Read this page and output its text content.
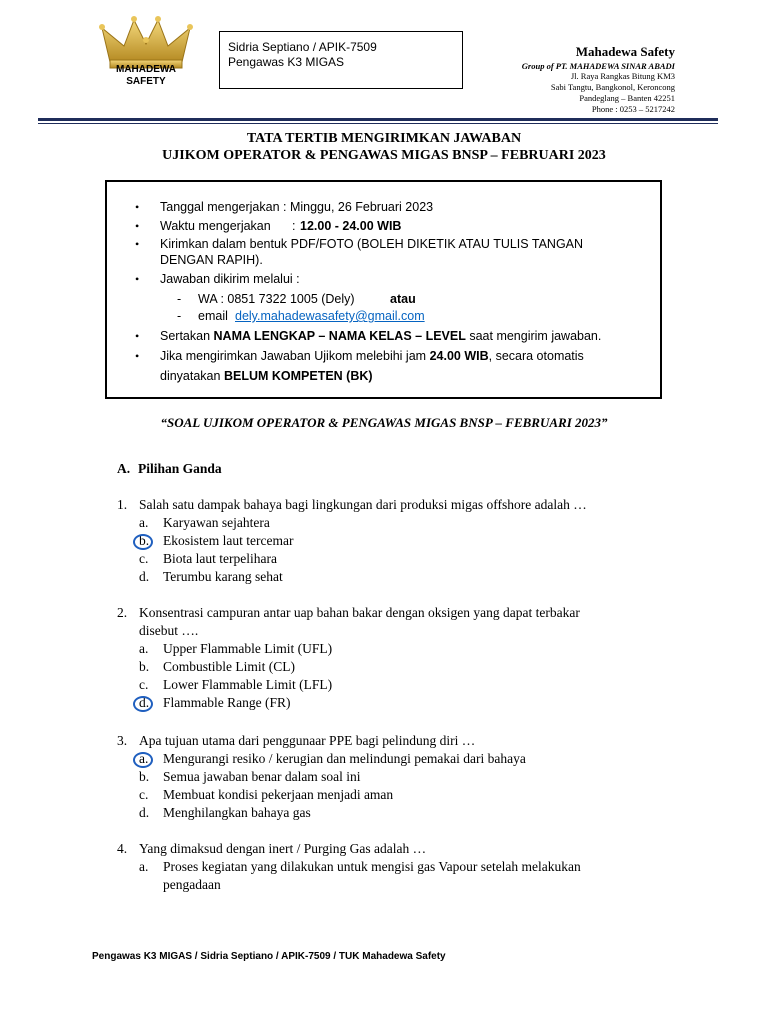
MAHADEWA
SAFETY
Sidria Septiano / APIK-7509
Pengawas K3 MIGAS
Mahadewa Safety
Group of PT. MAHADEWA SINAR ABADI
Jl. Raya Rangkas Bitung KM3
Sabi Tangtu, Bangkonol, Keroncong
Pandeglang – Banten 42251
Phone : 0253 – 5217242
TATA TERTIB MENGIRIMKAN JAWABAN
UJIKOM OPERATOR & PENGAWAS MIGAS BNSP – FEBRUARI 2023
• Tanggal mengerjakan : Minggu, 26 Februari 2023
• Waktu mengerjakan : 12.00 - 24.00 WIB
• Kirimkan dalam bentuk PDF/FOTO (BOLEH DIKETIK ATAU TULIS TANGAN
DENGAN RAPIH).
• Jawaban dikirim melalui :
- WA : 0851 7322 1005 (Dely)	atau
- email dely.mahadewasafety@gmail.com
• Sertakan NAMA LENGKAP – NAMA KELAS – LEVEL saat mengirim jawaban.
• Jika mengirimkan Jawaban Ujikom melebihi jam 24.00 WIB, secara otomatis
dinyatakan BELUM KOMPETEN (BK)
“SOAL UJIKOM OPERATOR & PENGAWAS MIGAS BNSP – FEBRUARI 2023”
A. Pilihan Ganda
1. Salah satu dampak bahaya bagi lingkungan dari produksi migas offshore adalah …
a. Karyawan sejahtera
b. Ekosistem laut tercemar
c. Biota laut terpelihara
d. Terumbu karang sehat
2. Konsentrasi campuran antar uap bahan bakar dengan oksigen yang dapat terbakar
disebut ….
a. Upper Flammable Limit (UFL)
b. Combustible Limit (CL)
c. Lower Flammable Limit (LFL)
d. Flammable Range (FR)
3. Apa tujuan utama dari penggunaar PPE bagi pelindung diri …
a. Mengurangi resiko / kerugian dan melindungi pemakai dari bahaya
b. Semua jawaban benar dalam soal ini
c. Membuat kondisi pekerjaan menjadi aman
d. Menghilangkan bahaya gas
4. Yang dimaksud dengan inert / Purging Gas adalah …
a. Proses kegiatan yang dilakukan untuk mengisi gas Vapour setelah melakukan
pengadaan
Pengawas K3 MIGAS / Sidria Septiano / APIK-7509 / TUK Mahadewa Safety
